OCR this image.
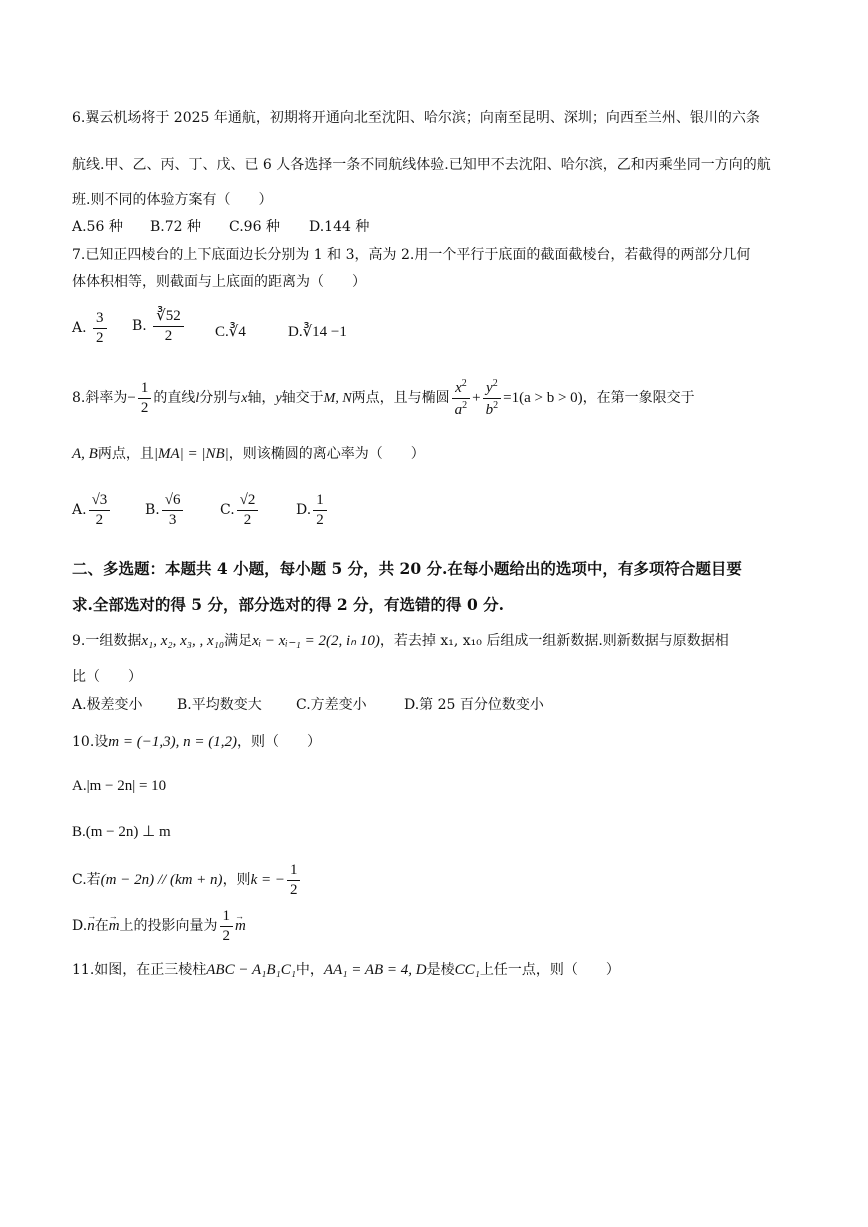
6.翼云机场将于 2025 年通航，初期将开通向北至沈阳、哈尔滨；向南至昆明、深圳；向西至兰州、银川的六条
航线.甲、乙、丙、丁、戊、已 6 人各选择一条不同航线体验.已知甲不去沈阳、哈尔滨，乙和丙乘坐同一方向的航
班.则不同的体验方案有（　　）
A.56 种 B.72 种 C.96 种 D.144 种
7.已知正四棱台的上下底面边长分别为 1 和 3，高为 2.用一个平行于底面的截面截棱台，若截得的两部分几何
体体积相等，则截面与上底面的距离为（　　）
A. $\frac{3}{2} B$. $\frac{∛52}{2}$ C.∛4	D.∛14 −1
8.斜率为− $\frac{1}{2}$ 的直线l分别与x轴，y轴交于M, N两点，且与椭圆 $\frac{x^2}{a^2} + \frac{y^2}{b^2} =1(a > b > 0)$，在第一象限交于
A, B两点，且|MA| = |NB|，则该椭圆的离心率为（　　）
A. $\frac{√3}{2} B$. $\frac{√6}{3}$	C. $\frac{√2}{2}$	D. $\frac{1}{2}$
二、多选题：本题共 4 小题，每小题 5 分，共 20 分.在每小题给出的选项中，有多项符合题目要
求.全部选对的得 5 分，部分选对的得 2 分，有选错的得 0 分.
9.一组数据x₁, x₂, x₃, , x₁₀满足xᵢ − xᵢ₋₁ = 2(2, iₙ 10)，若去掉 x₁, x₁₀ 后组成一组新数据.则新数据与原数据相
比（　　）
A.极差变小 B.平均数变大 C.方差变小	D.第 25 百分位数变小
10.设m = (−1,3), n = (1,2)，则（　　）
A.|m − 2n| = 10
B.(m − 2n) ⊥ m
C.若(m − 2n) // (km + n)，则k = − $\frac{1}{2}$
D.→ n在→ m上的投影向量为 $\frac{1}{2}$
→ m
11.如图，在正三棱柱ABC − A₁B₁C₁中，AA₁ = AB = 4, D是棱CC₁上任一点，则（　　）
